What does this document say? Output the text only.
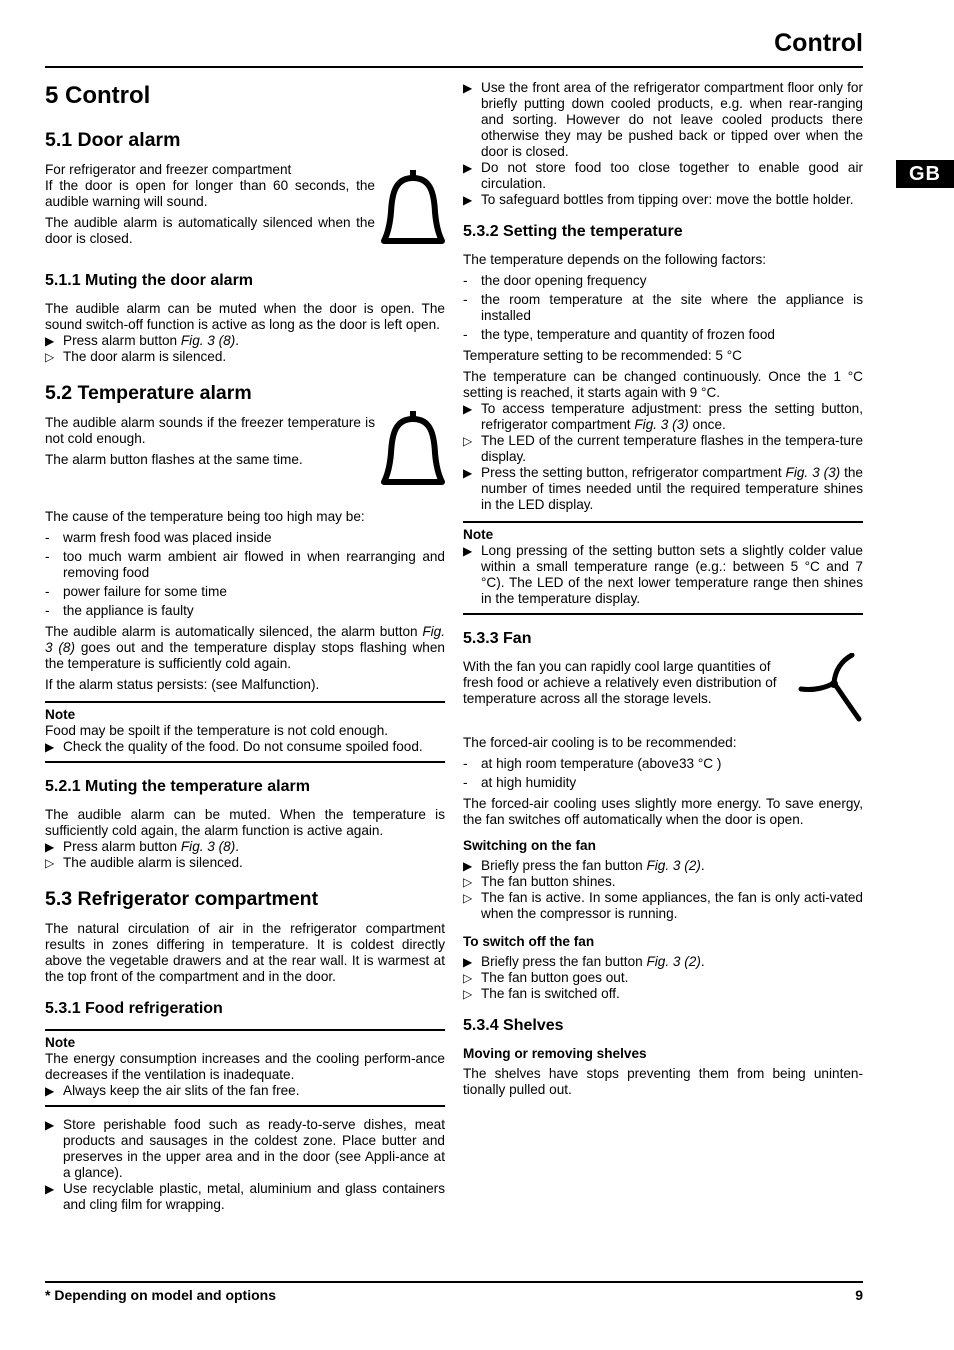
Control
GB
5 Control
5.1 Door alarm

For refrigerator and freezer compartment

If the door is open for longer than 60 seconds, the audible warning will sound.

The audible alarm is automatically silenced when the door is closed.

5.1.1 Muting the door alarm

The audible alarm can be muted when the door is open. The sound switch-off function is active as long as the door is left open.

▶ Press alarm button Fig. 3 (8).
▷ The door alarm is silenced.
5.2 Temperature alarm

The audible alarm sounds if the freezer temperature is not cold enough.

The alarm button flashes at the same time.

The cause of the temperature being too high may be:

- warm fresh food was placed inside
- too much warm ambient air flowed in when rearranging and removing food
- power failure for some time
- the appliance is faulty

The audible alarm is automatically silenced, the alarm button Fig. 3 (8) goes out and the temperature display stops flashing when the temperature is sufficiently cold again.

If the alarm status persists: (see Malfunction).

Note

Food may be spoilt if the temperature is not cold enough.

▶ Check the quality of the food. Do not consume spoiled food.
5.2.1 Muting the temperature alarm

The audible alarm can be muted. When the temperature is sufficiently cold again, the alarm function is active again.

▶ Press alarm button Fig. 3 (8).
▷ The audible alarm is silenced.
5.3 Refrigerator compartment

The natural circulation of air in the refrigerator compartment results in zones differing in temperature. It is coldest directly above the vegetable drawers and at the rear wall. It is warmest at the top front of the compartment and in the door.

5.3.1 Food refrigeration

Note

The energy consumption increases and the cooling perform-ance decreases if the ventilation is inadequate.

▶ Always keep the air slits of the fan free.
▶ Store perishable food such as ready-to-serve dishes, meat products and sausages in the coldest zone. Place butter and preserves in the upper area and in the door (see Appli-ance at a glance).
▶ Use recyclable plastic, metal, aluminium and glass containers and cling film for wrapping.
▶ Use the front area of the refrigerator compartment floor only for briefly putting down cooled products, e.g. when rear-ranging and sorting. However do not leave cooled products there otherwise they may be pushed back or tipped over when the door is closed.
▶ Do not store food too close together to enable good air circulation.
▶ To safeguard bottles from tipping over: move the bottle holder.
5.3.2 Setting the temperature

The temperature depends on the following factors:

- the door opening frequency
- the room temperature at the site where the appliance is installed
- the type, temperature and quantity of frozen food

Temperature setting to be recommended: 5 °C

The temperature can be changed continuously. Once the 1 °C setting is reached, it starts again with 9 °C.

▶ To access temperature adjustment: press the setting button, refrigerator compartment Fig. 3 (3) once.
▷ The LED of the current temperature flashes in the tempera-ture display.
▶ Press the setting button, refrigerator compartment Fig. 3 (3) the number of times needed until the required temperature shines in the LED display.

Note

▶ Long pressing of the setting button sets a slightly colder value within a small temperature range (e.g.: between 5 °C and 7 °C). The LED of the next lower temperature range then shines in the temperature display.
5.3.3 Fan

With the fan you can rapidly cool large quantities of fresh food or achieve a relatively even distribution of temperature across all the storage levels.

The forced-air cooling is to be recommended:

- at high room temperature (above33 °C )
- at high humidity

The forced-air cooling uses slightly more energy. To save energy, the fan switches off automatically when the door is open.

Switching on the fan
▶ Briefly press the fan button Fig. 3 (2).
▷ The fan button shines.
▷ The fan is active. In some appliances, the fan is only acti-vated when the compressor is running.
To switch off the fan
▶ Briefly press the fan button Fig. 3 (2).
▷ The fan button goes out.
▷ The fan is switched off.
5.3.4 Shelves
Moving or removing shelves

The shelves have stops preventing them from being uninten-tionally pulled out.

* Depending on model and options	9
